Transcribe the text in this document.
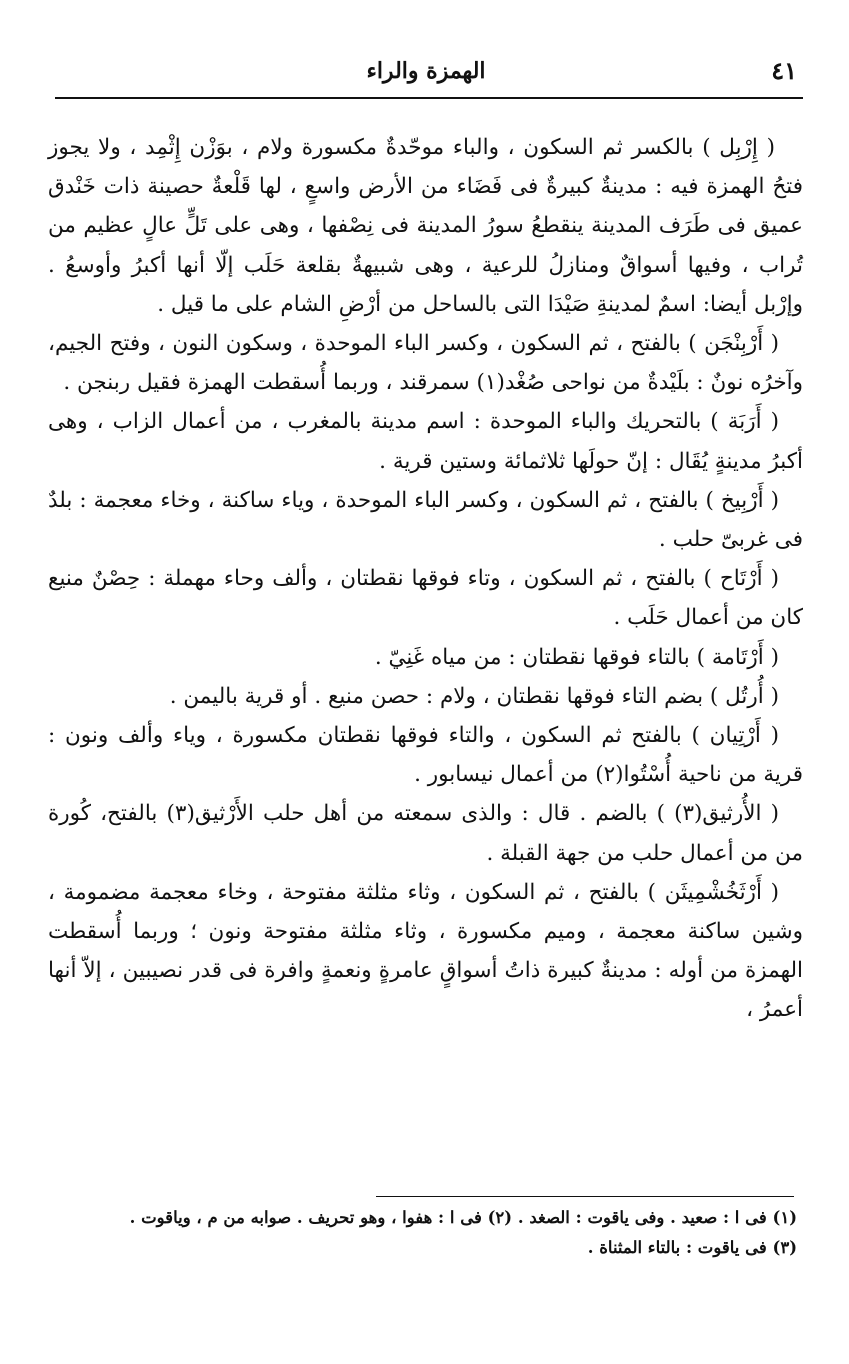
الهمزة والراء	٤١

( إِرْبِل ) بالكسر ثم السكون ، والباء موحّدةٌ مكسورة ولام ، بوَزْن إِثْمِد ، ولا يجوز فتحُ الهمزة فيه : مدينةٌ كبيرةٌ فى فَضَاء من الأرض واسعٍ ، لها قَلْعةٌ حصينة ذات خَنْدق عميق فى طَرَف المدينة ينقطعُ سورُ المدينة فى نِصْفها ، وهى على تَلٍّ عالٍ عظيم من تُراب ، وفيها أسواقٌ ومنازلُ للرعية ، وهى شبيهةٌ بقلعة حَلَب إلّا أنها أكبرُ وأوسعُ . وإرْبل أيضا: اسمٌ لمدينةِ صَيْدَا التى بالساحل من أرْضِ الشام على ما قيل .

( أَرْبِنْجَن ) بالفتح ، ثم السكون ، وكسر الباء الموحدة ، وسكون النون ، وفتح الجيم، وآخرُه نونٌ : بلَيْدةٌ من نواحى صُغْد(١) سمرقند ، وربما أُسقطت الهمزة فقيل ربنجن .

( أَرَبَة ) بالتحريك والباء الموحدة : اسم مدينة بالمغرب ، من أعمال الزاب ، وهى أكبرُ مدينةٍ يُقَال : إنّ حولَها ثلاثمائة وستين قرية .

( أَرْبِيخ ) بالفتح ، ثم السكون ، وكسر الباء الموحدة ، وياء ساكنة ، وخاء معجمة : بلدٌ فى غربىّ حلب .

( أَرْتَاح ) بالفتح ، ثم السكون ، وتاء فوقها نقطتان ، وألف وحاء مهملة : حِصْنٌ منيع كان من أعمال حَلَب .

( أَرْتَامة ) بالتاء فوقها نقطتان : من مياه غَنِيّ .

( أُرتُل ) بضم التاء فوقها نقطتان ، ولام : حصن منيع . أو قرية باليمن .

( أَرْتِيان ) بالفتح ثم السكون ، والتاء فوقها نقطتان مكسورة ، وياء وألف ونون : قرية من ناحية أُسْتُوا(٢) من أعمال نيسابور .

( الأُرثيق(٣) ) بالضم . قال : والذى سمعته من أهل حلب الأَرْثيق(٣) بالفتح، كُورة من من أعمال حلب من جهة القبلة .

( أَرْثَخُشْمِيثَن ) بالفتح ، ثم السكون ، وثاء مثلثة مفتوحة ، وخاء معجمة مضمومة ، وشين ساكنة معجمة ، وميم مكسورة ، وثاء مثلثة مفتوحة ونون ؛ وربما أُسقطت الهمزة من أوله : مدينةٌ كبيرة ذاتُ أسواقٍ عامرةٍ ونعمةٍ وافرة فى قدر نصيبين ، إلاّ أنها أعمرُ ،

(١) فى ا : صعيد . وفى ياقوت : الصغد . (٢) فى ا : هفوا ، وهو تحريف . صوابه من م ، وياقوت .

(٣) فى ياقوت : بالتاء المثناة .
